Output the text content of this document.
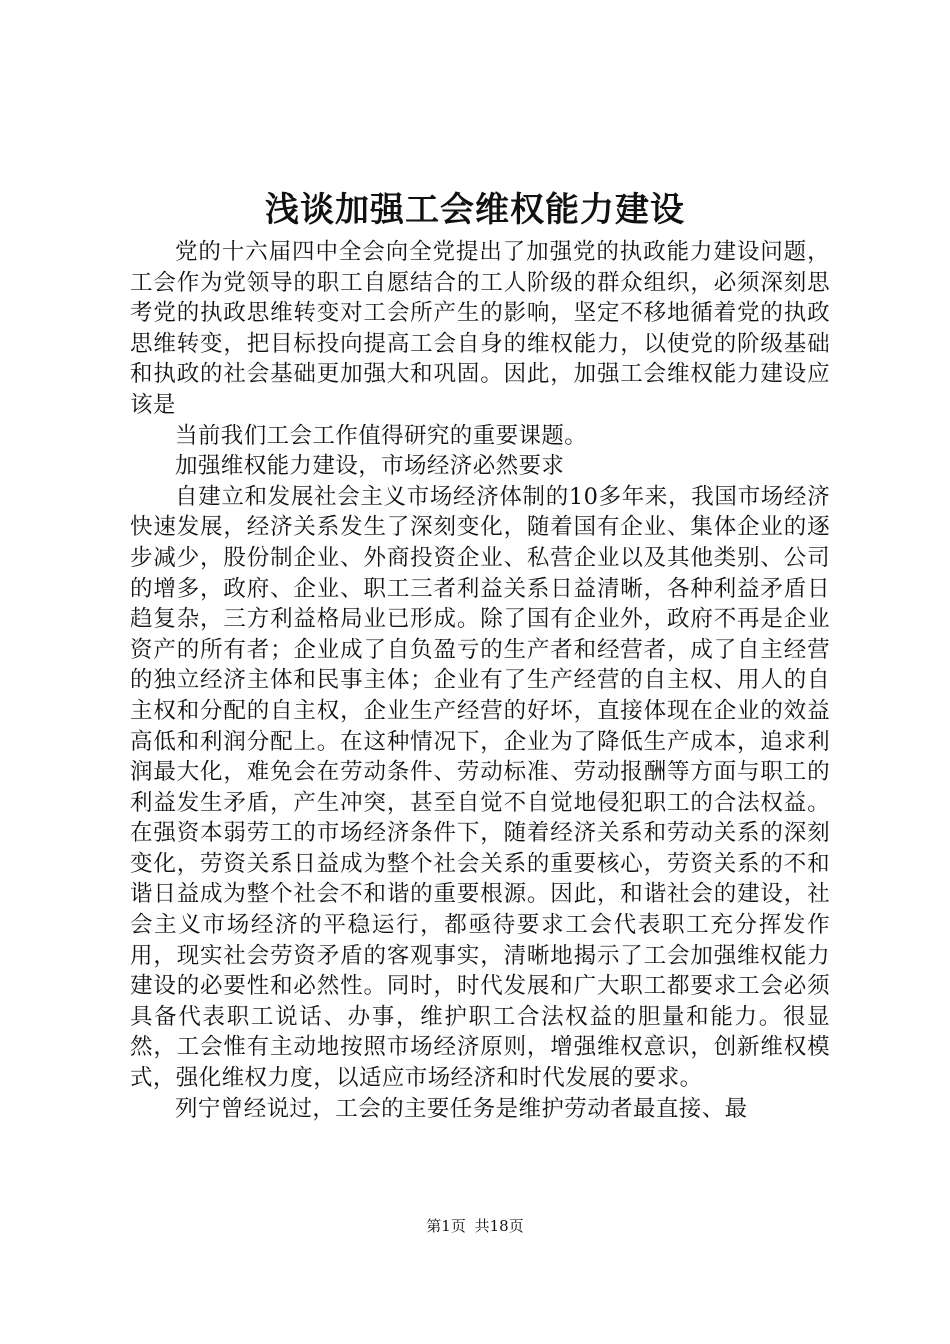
浅谈加强工会维权能力建设

党的十六届四中全会向全党提出了加强党的执政能力建设问题，工会作为党领导的职工自愿结合的工人阶级的群众组织，必须深刻思考党的执政思维转变对工会所产生的影响，坚定不移地循着党的执政思维转变，把目标投向提高工会自身的维权能力，以使党的阶级基础和执政的社会基础更加强大和巩固。因此，加强工会维权能力建设应该是

当前我们工会工作值得研究的重要课题。

加强维权能力建设，市场经济必然要求

自建立和发展社会主义市场经济体制的10多年来，我国市场经济快速发展，经济关系发生了深刻变化，随着国有企业、集体企业的逐步减少，股份制企业、外商投资企业、私营企业以及其他类别、公司的增多，政府、企业、职工三者利益关系日益清晰，各种利益矛盾日趋复杂，三方利益格局业已形成。除了国有企业外，政府不再是企业资产的所有者；企业成了自负盈亏的生产者和经营者，成了自主经营的独立经济主体和民事主体；企业有了生产经营的自主权、用人的自主权和分配的自主权，企业生产经营的好坏，直接体现在企业的效益高低和利润分配上。在这种情况下，企业为了降低生产成本，追求利润最大化，难免会在劳动条件、劳动标准、劳动报酬等方面与职工的利益发生矛盾，产生冲突，甚至自觉不自觉地侵犯职工的合法权益。在强资本弱劳工的市场经济条件下，随着经济关系和劳动关系的深刻变化，劳资关系日益成为整个社会关系的重要核心，劳资关系的不和谐日益成为整个社会不和谐的重要根源。因此，和谐社会的建设，社会主义市场经济的平稳运行，都亟待要求工会代表职工充分挥发作用，现实社会劳资矛盾的客观事实，清晰地揭示了工会加强维权能力建设的必要性和必然性。同时，时代发展和广大职工都要求工会必须具备代表职工说话、办事，维护职工合法权益的胆量和能力。很显然，工会惟有主动地按照市场经济原则，增强维权意识，创新维权模式，强化维权力度，以适应市场经济和时代发展的要求。

列宁曾经说过，工会的主要任务是维护劳动者最直接、最

第1页 共18页
